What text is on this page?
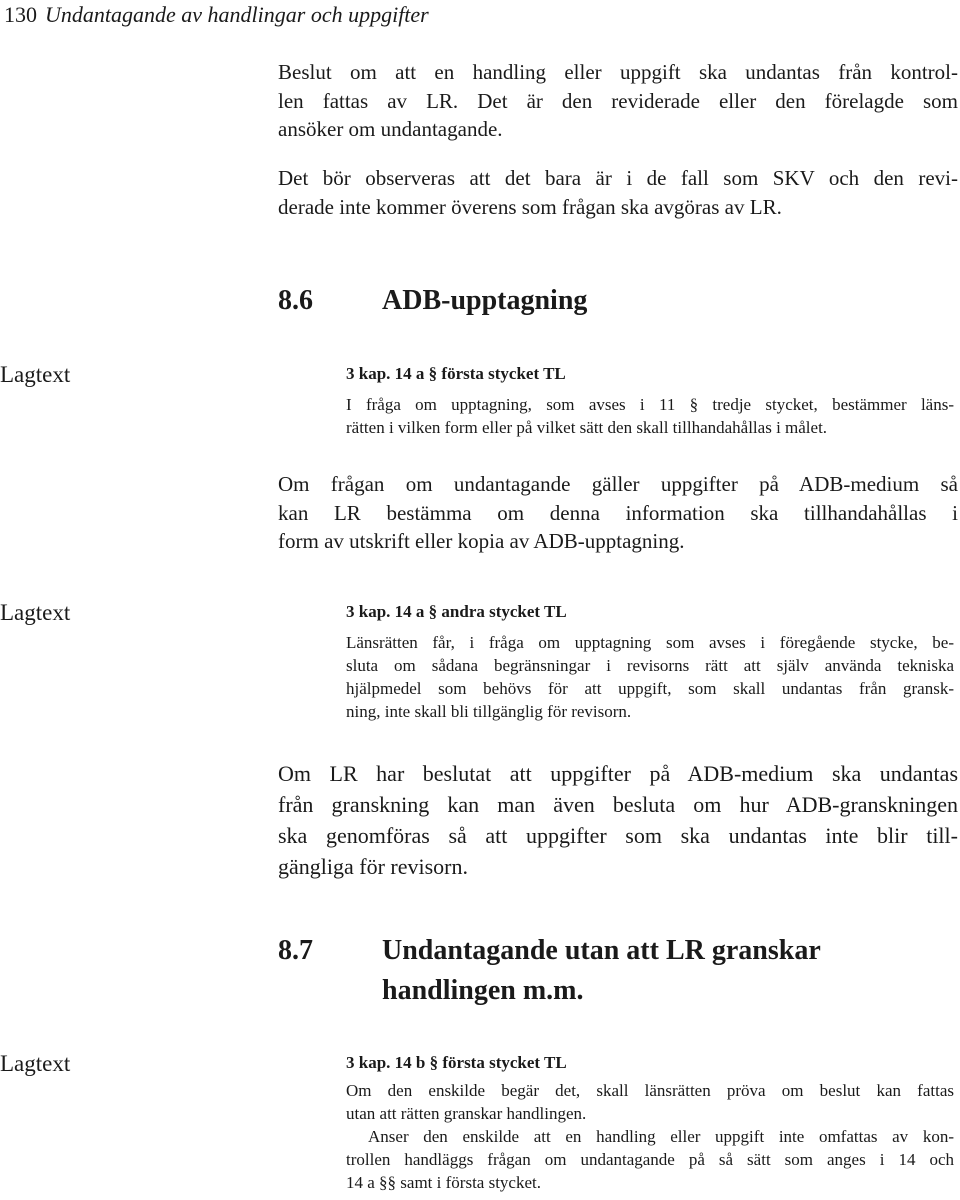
130 Undantagande av handlingar och uppgifter
Beslut om att en handling eller uppgift ska undantas från kontrol-
len fattas av LR. Det är den reviderade eller den förelagde som
ansöker om undantagande.
Det bör observeras att det bara är i de fall som SKV och den revi-
derade inte kommer överens som frågan ska avgöras av LR.
8.6 ADB-upptagning
Lagtext	3 kap. 14 a § första stycket TL
I fråga om upptagning, som avses i 11 § tredje stycket, bestämmer läns-
rätten i vilken form eller på vilket sätt den skall tillhandahållas i målet.
Om frågan om undantagande gäller uppgifter på ADB-medium så
kan LR bestämma om denna information ska tillhandahållas i
form av utskrift eller kopia av ADB-upptagning.
Lagtext	3 kap. 14 a § andra stycket TL
Länsrätten får, i fråga om upptagning som avses i föregående stycke, be-
sluta om sådana begränsningar i revisorns rätt att själv använda tekniska
hjälpmedel som behövs för att uppgift, som skall undantas från gransk-
ning, inte skall bli tillgänglig för revisorn.
Om LR har beslutat att uppgifter på ADB-medium ska undantas
från granskning kan man även besluta om hur ADB-granskningen
ska genomföras så att uppgifter som ska undantas inte blir till-
gängliga för revisorn.
8.7 Undantagande utan att LR granskar
handlingen m.m.
Lagtext	3 kap. 14 b § första stycket TL
Om den enskilde begär det, skall länsrätten pröva om beslut kan fattas
utan att rätten granskar handlingen.
Anser den enskilde att en handling eller uppgift inte omfattas av kon-
trollen handläggs frågan om undantagande på så sätt som anges i 14 och
14 a §§ samt i första stycket.
